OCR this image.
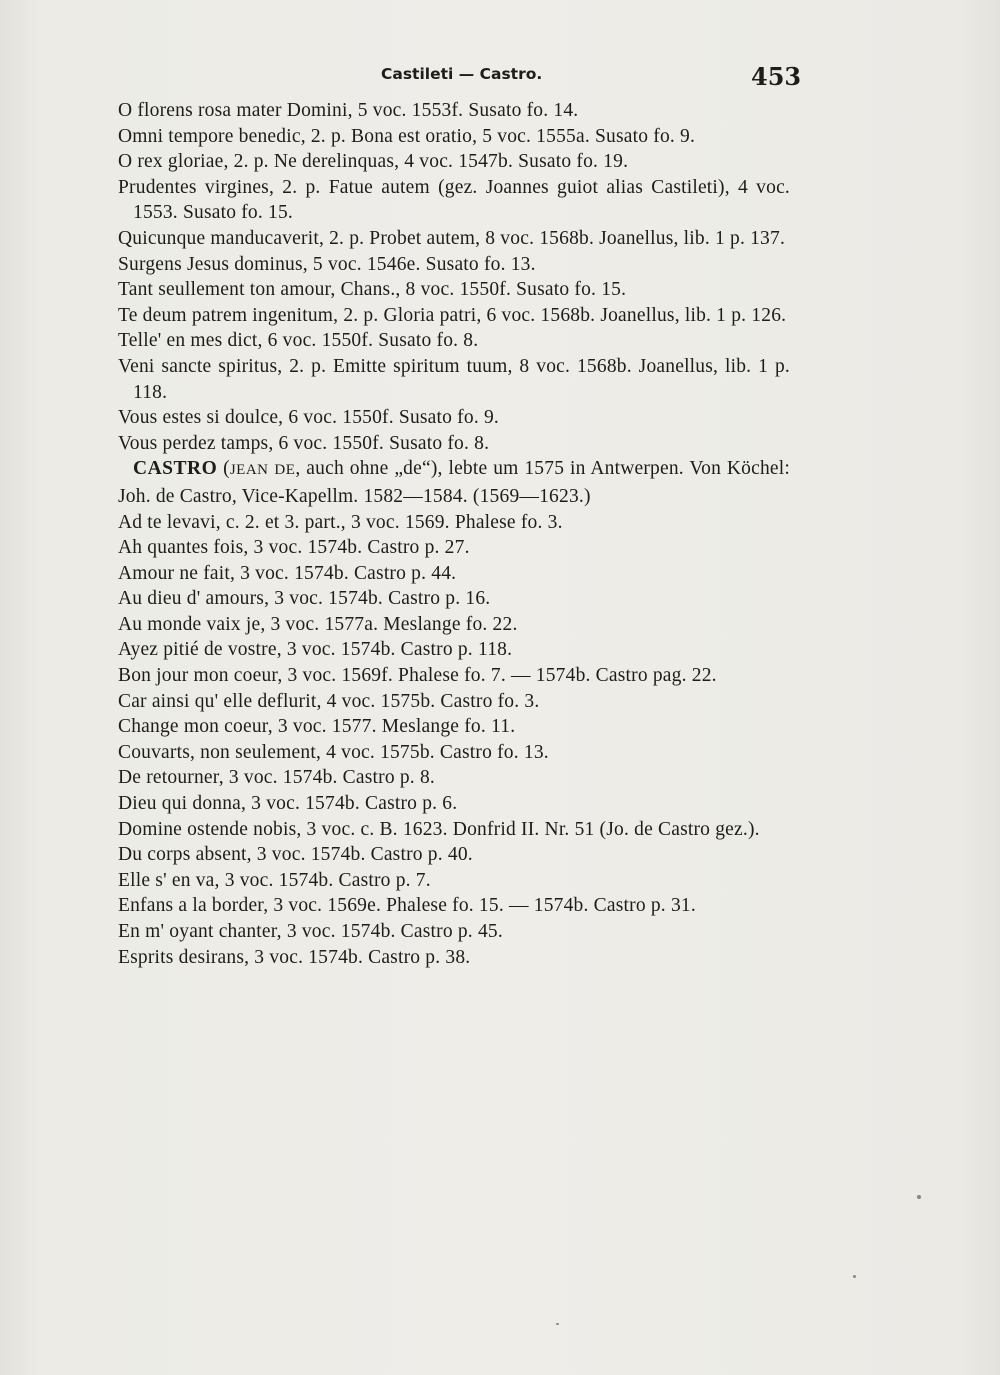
Castileti — Castro.	453

O florens rosa mater Domini, 5 voc. 1553f. Susato fo. 14.

Omni tempore benedic, 2. p. Bona est oratio, 5 voc. 1555a. Susato fo. 9.

O rex gloriae, 2. p. Ne derelinquas, 4 voc. 1547b. Susato fo. 19.

Prudentes virgines, 2. p. Fatue autem (gez. Joannes guiot alias Castileti), 4 voc. 1553. Susato fo. 15.

Quicunque manducaverit, 2. p. Probet autem, 8 voc. 1568b. Joanellus, lib. 1 p. 137.

Surgens Jesus dominus, 5 voc. 1546e. Susato fo. 13.

Tant seullement ton amour, Chans., 8 voc. 1550f. Susato fo. 15.

Te deum patrem ingenitum, 2. p. Gloria patri, 6 voc. 1568b. Joanellus, lib. 1 p. 126.

Telle' en mes dict, 6 voc. 1550f. Susato fo. 8.

Veni sancte spiritus, 2. p. Emitte spiritum tuum, 8 voc. 1568b. Joanellus, lib. 1 p. 118.

Vous estes si doulce, 6 voc. 1550f. Susato fo. 9.

Vous perdez tamps, 6 voc. 1550f. Susato fo. 8.

CASTRO (JEAN DE, auch ohne „de“), lebte um 1575 in Antwerpen. Von Köchel: Joh. de Castro, Vice-Kapellm. 1582—1584. (1569—1623.)

Ad te levavi, c. 2. et 3. part., 3 voc. 1569. Phalese fo. 3.

Ah quantes fois, 3 voc. 1574b. Castro p. 27.

Amour ne fait, 3 voc. 1574b. Castro p. 44.

Au dieu d' amours, 3 voc. 1574b. Castro p. 16.

Au monde vaix je, 3 voc. 1577a. Meslange fo. 22.

Ayez pitié de vostre, 3 voc. 1574b. Castro p. 118.

Bon jour mon coeur, 3 voc. 1569f. Phalese fo. 7. — 1574b. Castro pag. 22.

Car ainsi qu' elle deflurit, 4 voc. 1575b. Castro fo. 3.

Change mon coeur, 3 voc. 1577. Meslange fo. 11.

Couvarts, non seulement, 4 voc. 1575b. Castro fo. 13.

De retourner, 3 voc. 1574b. Castro p. 8.

Dieu qui donna, 3 voc. 1574b. Castro p. 6.

Domine ostende nobis, 3 voc. c. B. 1623. Donfrid II. Nr. 51 (Jo. de Castro gez.).

Du corps absent, 3 voc. 1574b. Castro p. 40.

Elle s' en va, 3 voc. 1574b. Castro p. 7.

Enfans a la border, 3 voc. 1569e. Phalese fo. 15. — 1574b. Castro p. 31.

En m' oyant chanter, 3 voc. 1574b. Castro p. 45.

Esprits desirans, 3 voc. 1574b. Castro p. 38.
